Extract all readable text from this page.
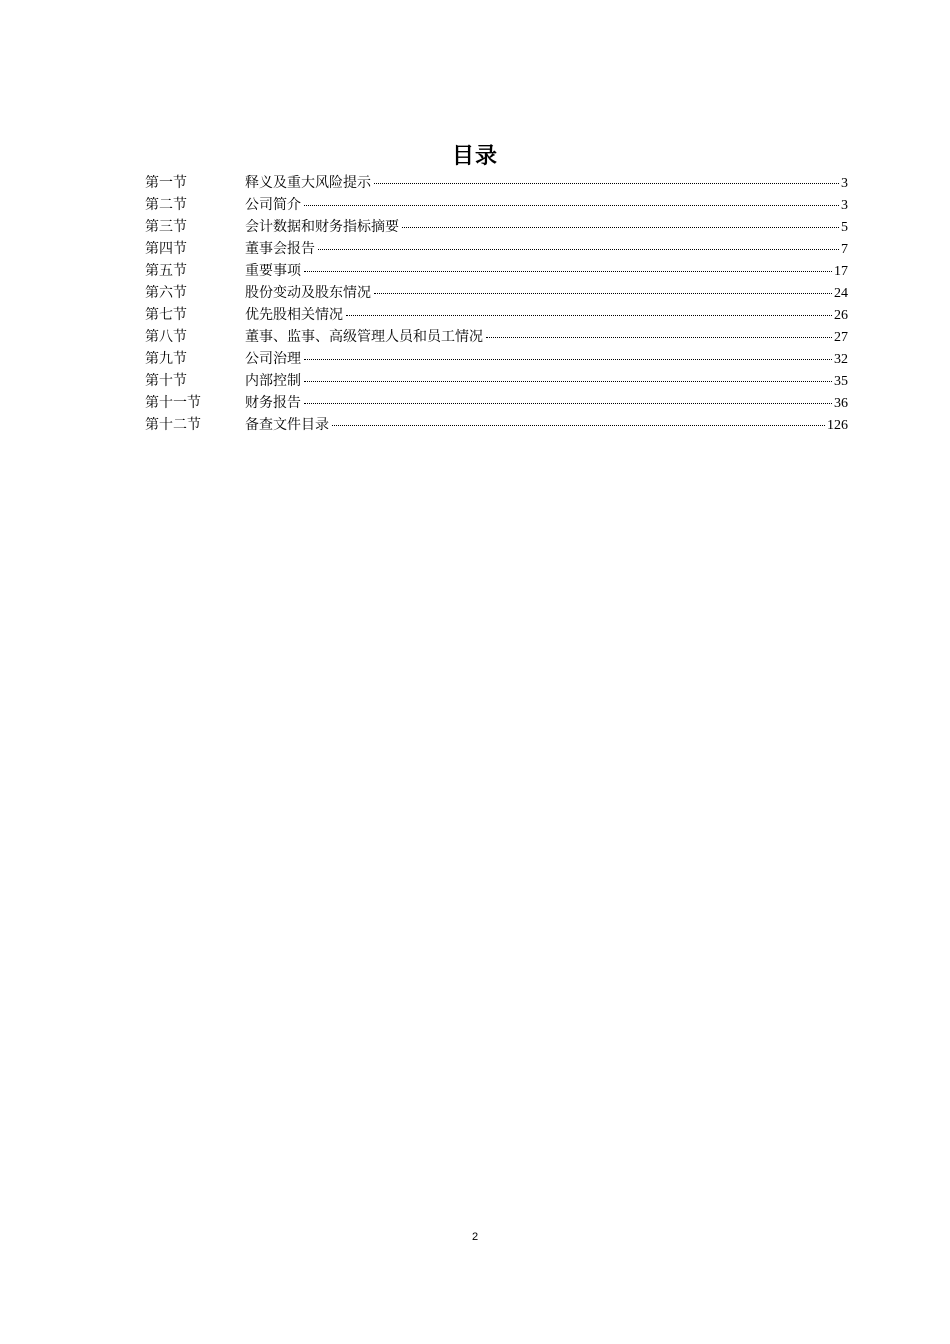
目录
第一节	释义及重大风险提示	3
第二节	公司简介	3
第三节	会计数据和财务指标摘要	5
第四节	董事会报告	7
第五节	重要事项	17
第六节	股份变动及股东情况	24
第七节	优先股相关情况	26
第八节	董事、监事、高级管理人员和员工情况	27
第九节	公司治理	32
第十节	内部控制	35
第十一节	财务报告	36
第十二节	备查文件目录	126
2
